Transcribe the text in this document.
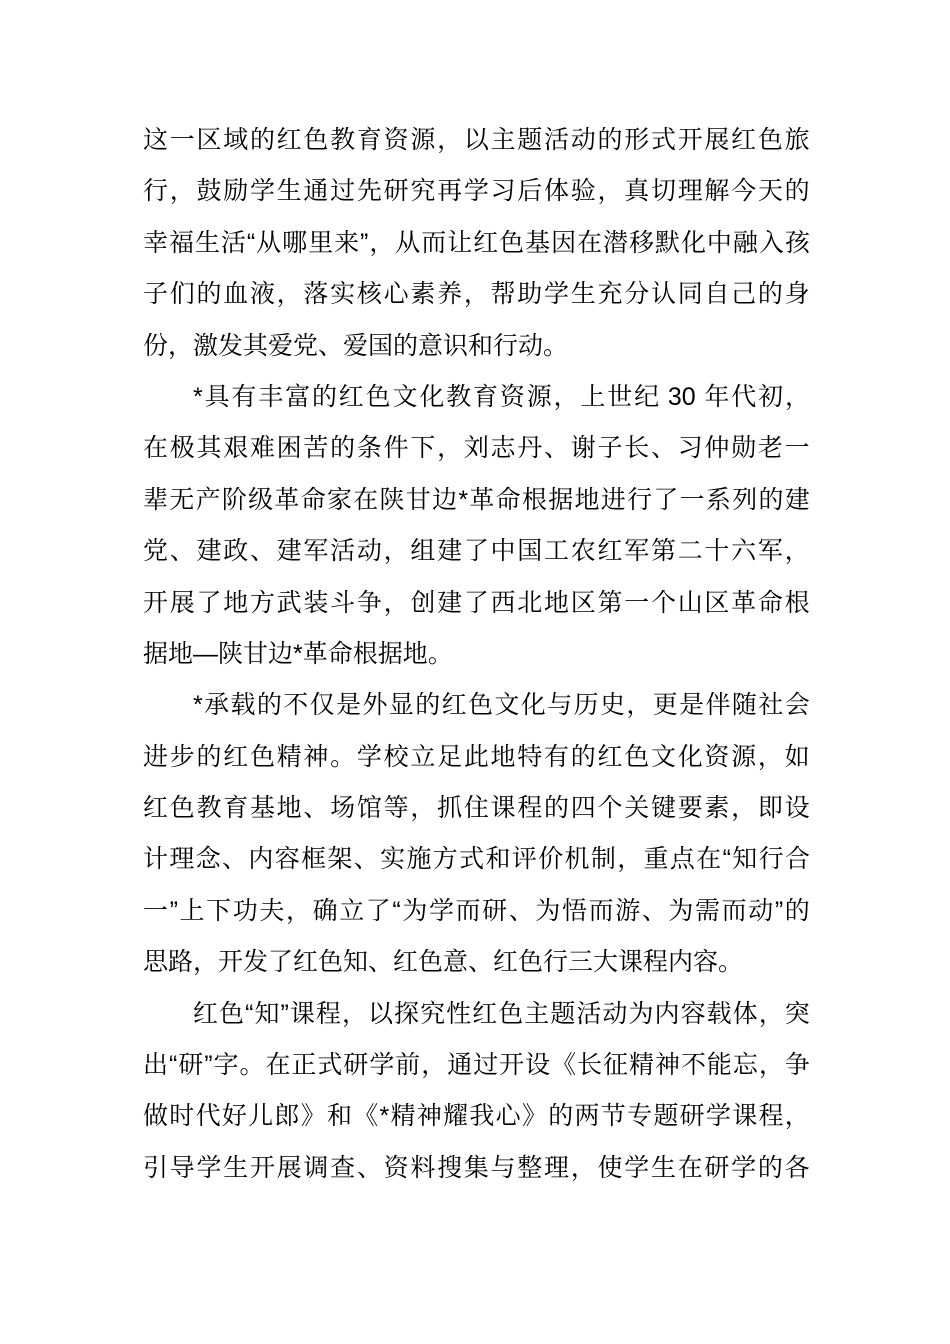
这 一 区 域 的 红 色 教 育 资 源 ， 以 主 题 活 动 的 形 式 开 展 红 色 旅
行 ， 鼓 励 学 生 通 过 先 研 究 再 学 习 后 体 验 ， 真 切 理 解 今 天 的
幸 福 生 活 “ 从 哪 里 来 ” ， 从 而 让 红 色 基 因 在 潜 移 默 化 中 融 入 孩
子 们 的 血 液 ， 落 实 核 心 素 养 ， 帮 助 学 生 充 分 认 同 自 己 的 身
份，激发其爱党、爱国的意识和行动。
* 具 有 丰 富 的 红 色 文 化 教 育 资 源 ， 上 世 纪 30 年 代 初 ，
在 极 其 艰 难 困 苦 的 条 件 下 ， 刘 志 丹 、 谢 子 长 、 习 仲 勋 老 一
辈 无 产 阶 级 革 命 家 在 陕 甘 边 * 革 命 根 据 地 进 行 了 一 系 列 的 建
党 、 建 政 、 建 军 活 动 ， 组 建 了 中 国 工 农 红 军 第 二 十 六 军 ，
开 展 了 地 方 武 装 斗 争 ， 创 建 了 西 北 地 区 第 一 个 山 区 革 命 根
据地—陕甘边*革命根据地。
* 承 载 的 不 仅 是 外 显 的 红 色 文 化 与 历 史 ， 更 是 伴 随 社 会
进 步 的 红 色 精 神 。 学 校 立 足 此 地 特 有 的 红 色 文 化 资 源 ， 如
红 色 教 育 基 地 、 场 馆 等 ， 抓 住 课 程 的 四 个 关 键 要 素 ， 即 设
计 理 念 、 内 容 框 架 、 实 施 方 式 和 评 价 机 制 ， 重 点 在 “ 知 行 合
一 ” 上 下 功 夫 ， 确 立 了 “ 为 学 而 研 、 为 悟 而 游 、 为 需 而 动 ” 的
思路，开发了红色知、红色意、红色行三大课程内容。
红 色 “ 知 ” 课 程 ， 以 探 究 性 红 色 主 题 活 动 为 内 容 载 体 ， 突
出 “ 研 ” 字 。 在 正 式 研 学 前 ， 通 过 开 设 《 长 征 精 神 不 能 忘 ， 争
做 时 代 好 儿 郎 》 和 《 * 精 神 耀 我 心 》 的 两 节 专 题 研 学 课 程 ，
引 导 学 生 开 展 调 查 、 资 料 搜 集 与 整 理 ， 使 学 生 在 研 学 的 各
